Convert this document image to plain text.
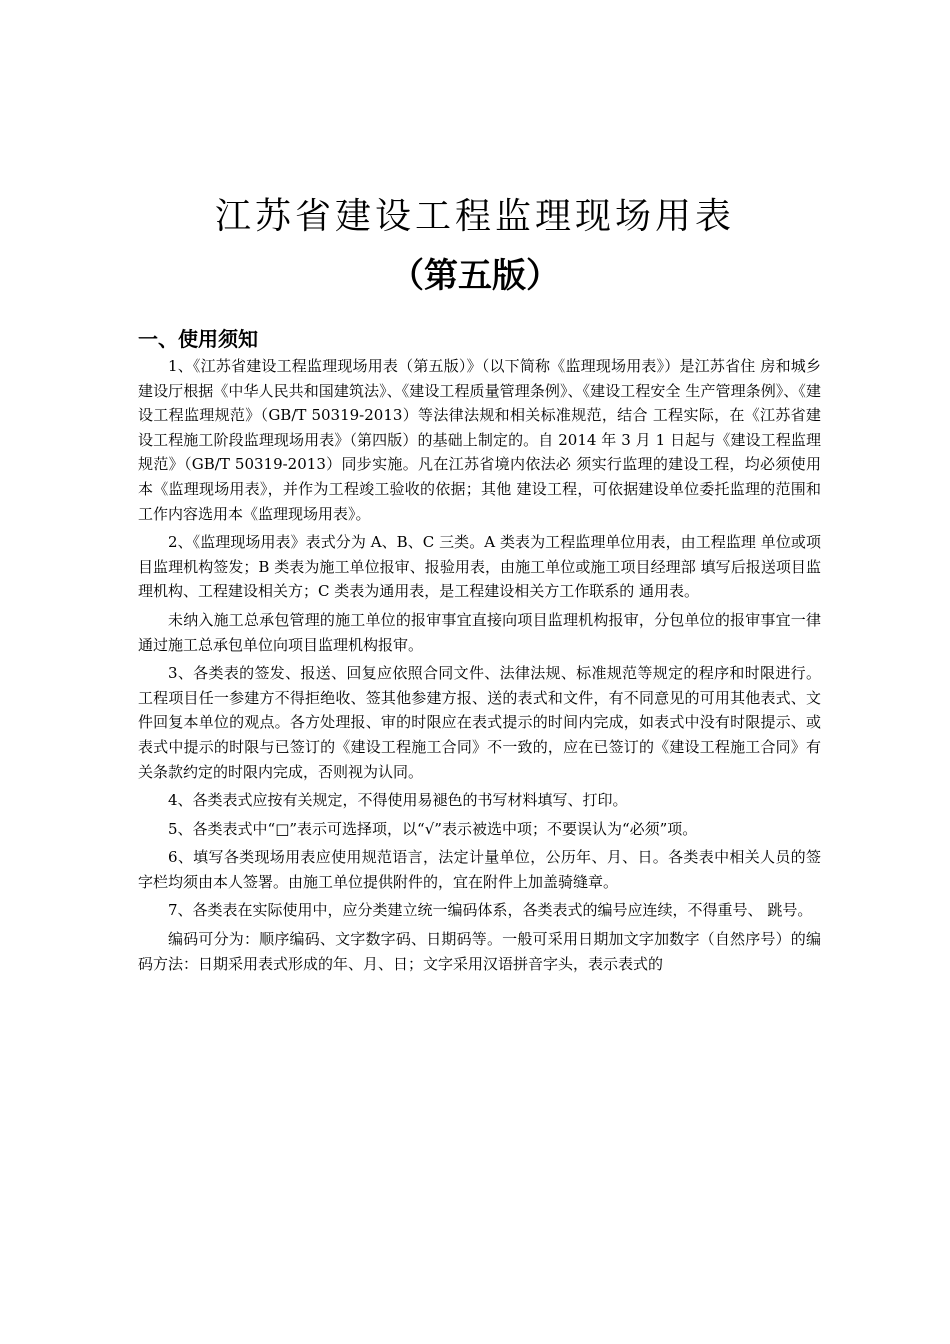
江苏省建设工程监理现场用表
（第五版）
一、使用须知

1、《江苏省建设工程监理现场用表（第五版）》（以下简称《监理现场用表》）是江苏省住 房和城乡建设厅根据《中华人民共和国建筑法》、《建设工程质量管理条例》、《建设工程安全 生产管理条例》、《建设工程监理规范》（GB/T 50319-2013）等法律法规和相关标准规范，结合 工程实际，在《江苏省建设工程施工阶段监理现场用表》（第四版）的基础上制定的。自 2014 年 3 月 1 日起与《建设工程监理规范》（GB/T 50319-2013）同步实施。凡在江苏省境内依法必 须实行监理的建设工程，均必须使用本《监理现场用表》，并作为工程竣工验收的依据；其他 建设工程，可依据建设单位委托监理的范围和工作内容选用本《监理现场用表》。

2、《监理现场用表》表式分为 A、B、C 三类。A 类表为工程监理单位用表，由工程监理 单位或项目监理机构签发；B 类表为施工单位报审、报验用表，由施工单位或施工项目经理部 填写后报送项目监理机构、工程建设相关方；C 类表为通用表，是工程建设相关方工作联系的 通用表。

未纳入施工总承包管理的施工单位的报审事宜直接向项目监理机构报审，分包单位的报审事宜一律通过施工总承包单位向项目监理机构报审。

3、各类表的签发、报送、回复应依照合同文件、法律法规、标准规范等规定的程序和时限进行。工程项目任一参建方不得拒绝收、签其他参建方报、送的表式和文件，有不同意见的可用其他表式、文件回复本单位的观点。各方处理报、审的时限应在表式提示的时间内完成，如表式中没有时限提示、或表式中提示的时限与已签订的《建设工程施工合同》不一致的，应在已签订的《建设工程施工合同》有关条款约定的时限内完成，否则视为认同。

4、各类表式应按有关规定，不得使用易褪色的书写材料填写、打印。

5、各类表式中“□”表示可选择项，以“√”表示被选中项；不要误认为“必须”项。

6、填写各类现场用表应使用规范语言，法定计量单位，公历年、月、日。各类表中相关人员的签字栏均须由本人签署。由施工单位提供附件的，宜在附件上加盖骑缝章。

7、各类表在实际使用中，应分类建立统一编码体系，各类表式的编号应连续，不得重号、 跳号。

编码可分为：顺序编码、文字数字码、日期码等。一般可采用日期加文字加数字（自然序号）的编码方法：日期采用表式形成的年、月、日；文字采用汉语拼音字头，表示表式的
